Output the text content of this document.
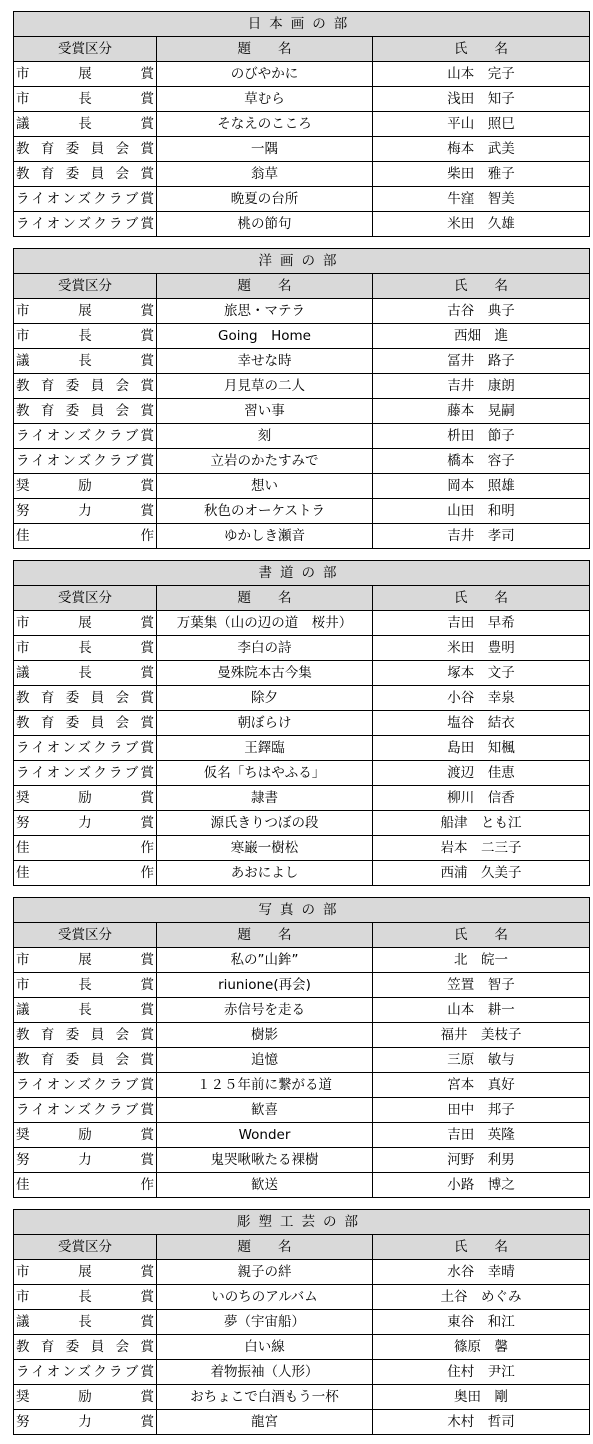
日本画の部		
受賞区分	題　　名	氏　　名
市展賞	のびやかに	山本　完子
市長賞	草むら	浅田　知子
議長賞	そなえのこころ	平山　照巳
教育委員会賞	一隅	梅本　武美
教育委員会賞	翁草	柴田　雅子
ライオンズクラブ賞	晩夏の台所	牛窪　智美
ライオンズクラブ賞	桃の節句	米田　久雄
洋画の部		
受賞区分	題　　名	氏　　名
市展賞	旅思・マテラ	古谷　典子
市長賞	Going　Home	西畑　進
議長賞	幸せな時	冨井　路子
教育委員会賞	月見草の二人	吉井　康朗
教育委員会賞	習い事	藤本　晃嗣
ライオンズクラブ賞	刻	枡田　節子
ライオンズクラブ賞	立岩のかたすみで	橋本　容子
奨励賞	想い	岡本　照雄
努力賞	秋色のオーケストラ	山田　和明
佳作	ゆかしき瀬音	吉井　孝司
書道の部		
受賞区分	題　　名	氏　　名
市展賞	万葉集（山の辺の道　桜井）	吉田　早希
市長賞	李白の詩	米田　豊明
議長賞	曼殊院本古今集	塚本　文子
教育委員会賞	除夕	小谷　幸泉
教育委員会賞	朝ぼらけ	塩谷　結衣
ライオンズクラブ賞	王鐸臨	島田　知楓
ライオンズクラブ賞	仮名「ちはやふる」	渡辺　佳恵
奨励賞	隷書	柳川　信香
努力賞	源氏きりつぼの段	船津　とも江
佳作	寒巌一樹松	岩本　二三子
佳作	あおによし	西浦　久美子
写真の部		
受賞区分	題　　名	氏　　名
市展賞	私の”山鉾”	北　皖一
市長賞	riunione(再会)	笠置　智子
議長賞	赤信号を走る	山本　耕一
教育委員会賞	樹影	福井　美枝子
教育委員会賞	追憶	三原　敏与
ライオンズクラブ賞	１２５年前に繋がる道	宮本　真好
ライオンズクラブ賞	歓喜	田中　邦子
奨励賞	Wonder	吉田　英隆
努力賞	鬼哭啾啾たる裸樹	河野　利男
佳作	歓送	小路　博之
彫塑工芸の部		
受賞区分	題　　名	氏　　名
市展賞	親子の絆	水谷　幸晴
市長賞	いのちのアルバム	土谷　めぐみ
議長賞	夢（宇宙船）	東谷　和江
教育委員会賞	白い線	篠原　馨
ライオンズクラブ賞	着物振袖（人形）	住村　尹江
奨励賞	おちょこで白酒もう一杯	奥田　剛
努力賞	龍宮	木村　哲司
